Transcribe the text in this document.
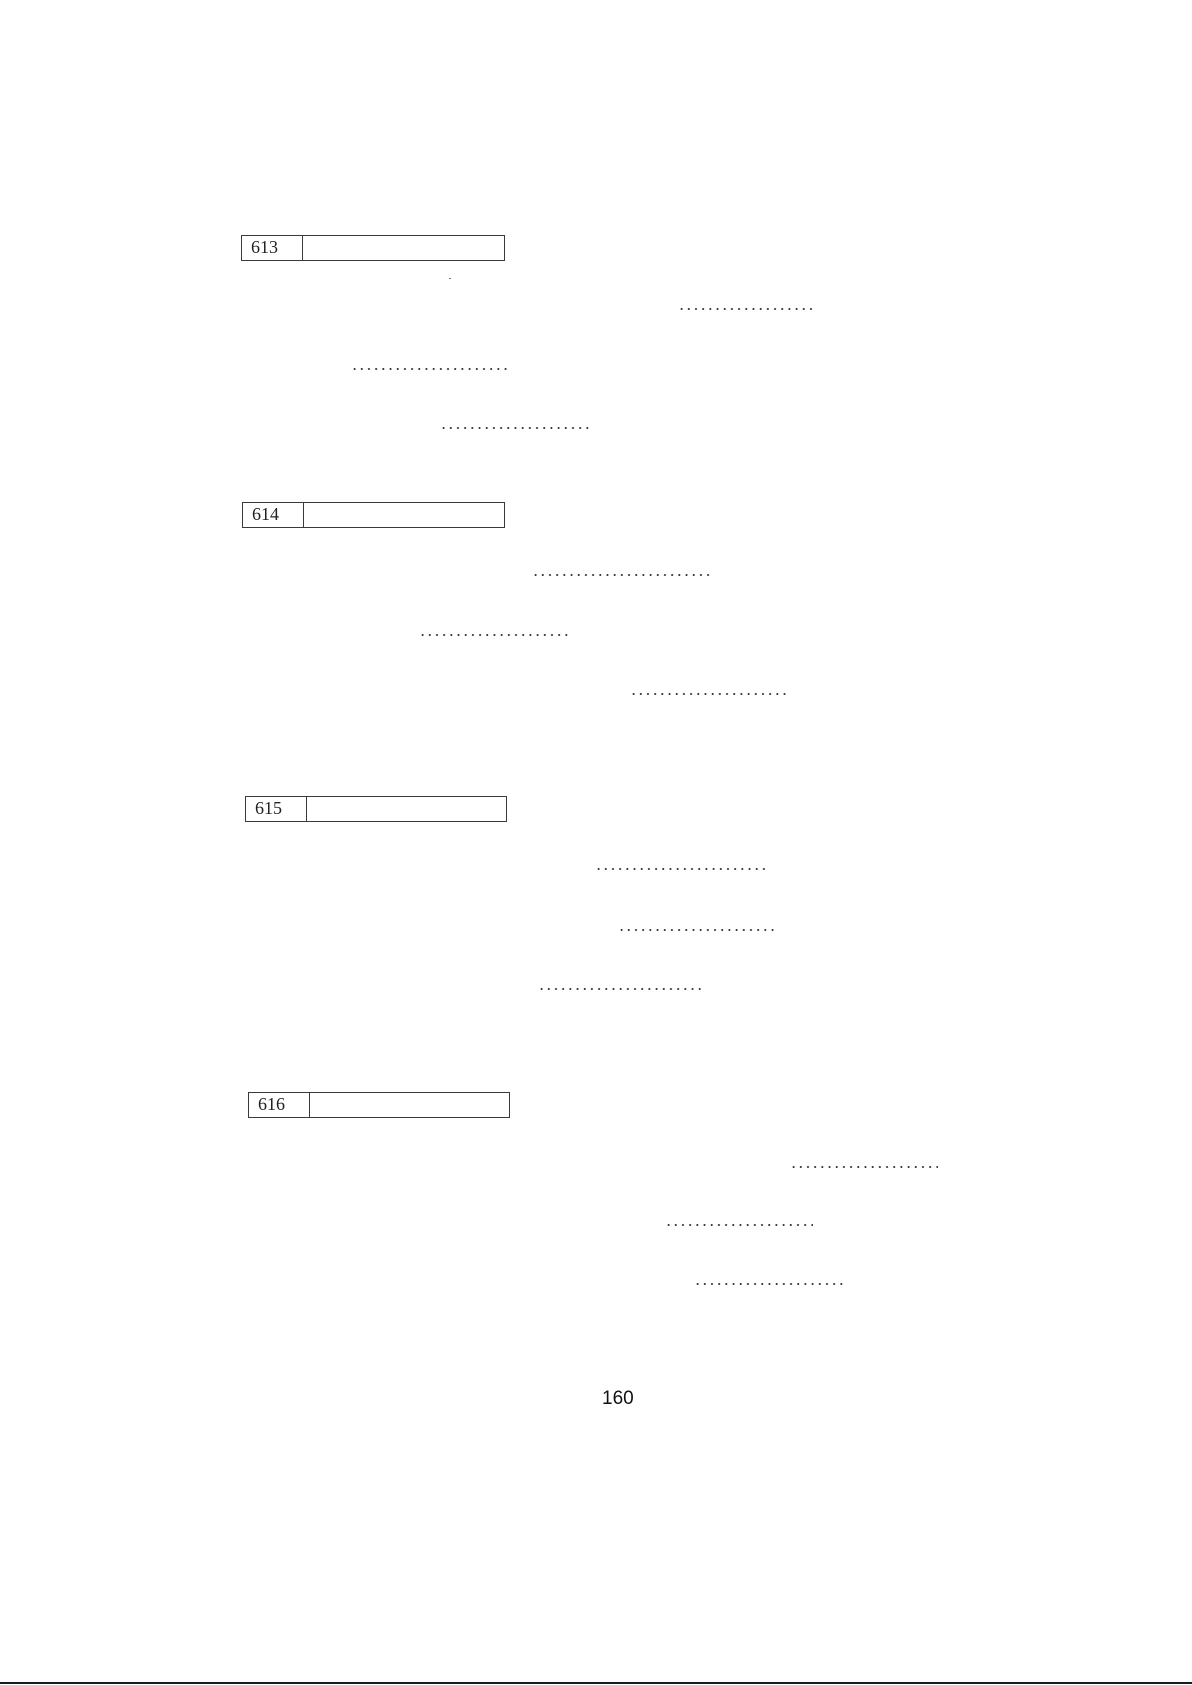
613
614
615
616
160
